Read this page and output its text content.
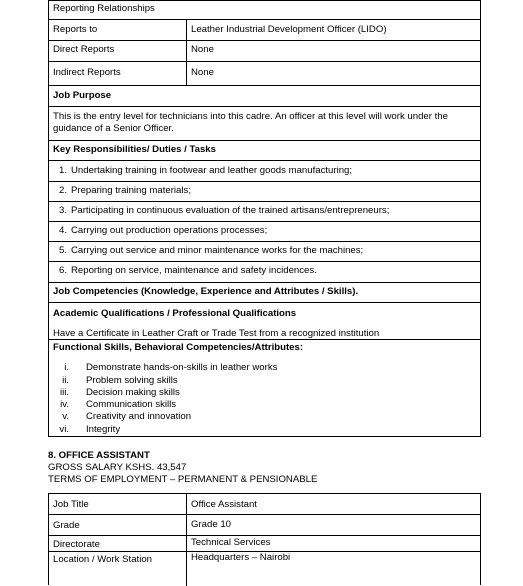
Reporting Relationships
Reports to	Leather Industrial Development Officer (LIDO)
Direct Reports	None
Indirect Reports	None
Job Purpose
This is the entry level for technicians into this cadre. An officer at this level will work under the guidance of a Senior Officer.
Key Responsibilities/ Duties / Tasks
1. Undertaking training in footwear and leather goods manufacturing;
2. Preparing training materials;
3. Participating in continuous evaluation of the trained artisans/entrepreneurs;
4. Carrying out production operations processes;
5. Carrying out service and minor maintenance works for the machines;
6. Reporting on service, maintenance and safety incidences.
Job Competencies (Knowledge, Experience and Attributes / Skills).
Academic Qualifications / Professional Qualifications
Have a Certificate in Leather Craft or Trade Test from a recognized institution
Functional Skills, Behavioral Competencies/Attributes:
i. Demonstrate hands-on-skills in leather works
ii. Problem solving skills
iii. Decision making skills
iv. Communication skills
v. Creativity and innovation
vi. Integrity
8. OFFICE ASSISTANT
GROSS SALARY KSHS. 43,547
TERMS OF EMPLOYMENT – PERMANENT & PENSIONABLE
Job Title	Office Assistant
Grade	Grade 10
Directorate	Technical Services
Location / Work Station	Headquarters – Nairobi
